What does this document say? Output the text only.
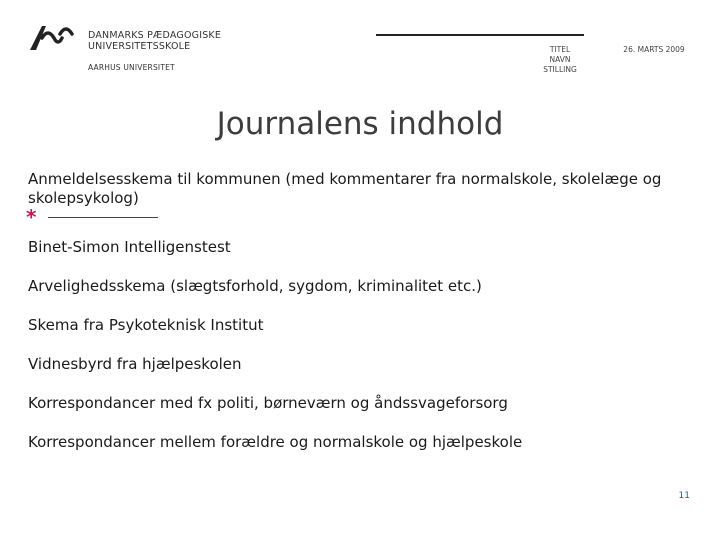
DANMARKS PÆDAGOGISKE
UNIVERSITETSSKOLE
AARHUS UNIVERSITET
TITEL
NAVN
STILLING
26. MARTS 2009
Journalens indhold
Anmeldelsesskema til kommunen (med kommentarer fra normalskole, skolelæge og skolepsykolog)
Binet-Simon Intelligenstest
Arvelighedsskema (slægtsforhold, sygdom, kriminalitet etc.)
Skema fra Psykoteknisk Institut
Vidnesbyrd fra hjælpeskolen
Korrespondancer med fx politi, børneværn og åndssvageforsorg
Korrespondancer mellem forældre og normalskole og hjælpeskole
*
11
